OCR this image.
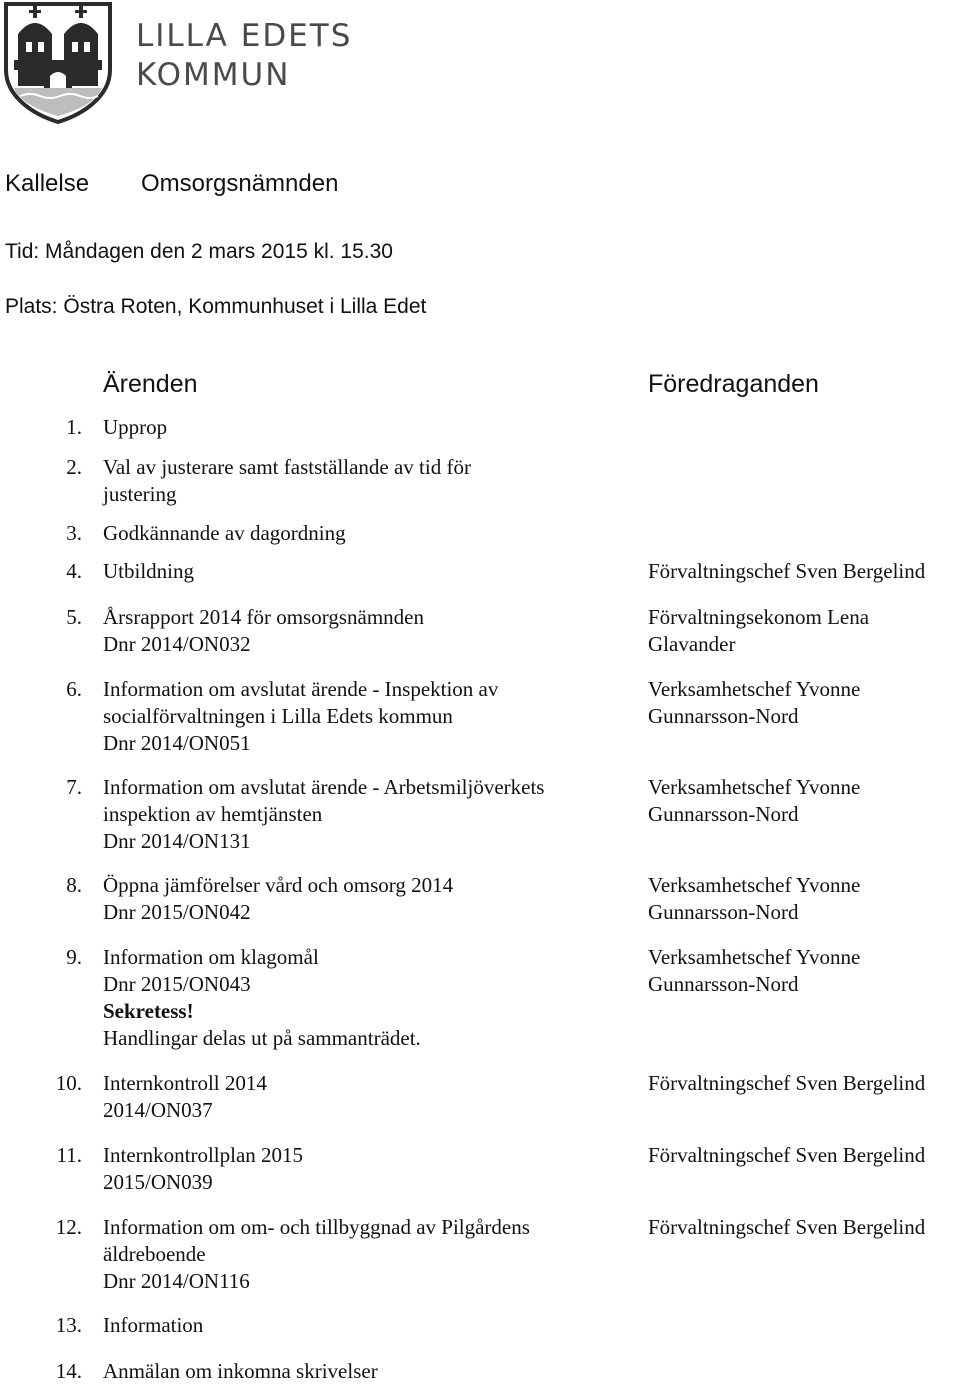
LILLA EDETS
KOMMUN
Kallelse Omsorgsnämnden
Tid: Måndagen den 2 mars 2015 kl. 15.30
Plats: Östra Roten, Kommunhuset i Lilla Edet
Ärenden	Föredraganden
1. Upprop
2. Val av justerare samt fastställande av tid för
justering
3. Godkännande av dagordning
4. Utbildning	Förvaltningschef Sven Bergelind
5. Årsrapport 2014 för omsorgsnämnden
Dnr 2014/ON032
Förvaltningsekonom Lena
Glavander
6. Information om avslutat ärende - Inspektion av
socialförvaltningen i Lilla Edets kommun
Dnr 2014/ON051
Verksamhetschef Yvonne
Gunnarsson-Nord
7. Information om avslutat ärende - Arbetsmiljöverkets
inspektion av hemtjänsten
Dnr 2014/ON131
Verksamhetschef Yvonne
Gunnarsson-Nord
8. Öppna jämförelser vård och omsorg 2014
Dnr 2015/ON042
Verksamhetschef Yvonne
Gunnarsson-Nord
9. Information om klagomål
Dnr 2015/ON043
Sekretess!
Handlingar delas ut på sammanträdet.
Verksamhetschef Yvonne
Gunnarsson-Nord
10. Internkontroll 2014
2014/ON037
Förvaltningschef Sven Bergelind
11. Internkontrollplan 2015
2015/ON039
Förvaltningschef Sven Bergelind
12. Information om om- och tillbyggnad av Pilgårdens
äldreboende
Dnr 2014/ON116
Förvaltningschef Sven Bergelind
13. Information
14. Anmälan om inkomna skrivelser
